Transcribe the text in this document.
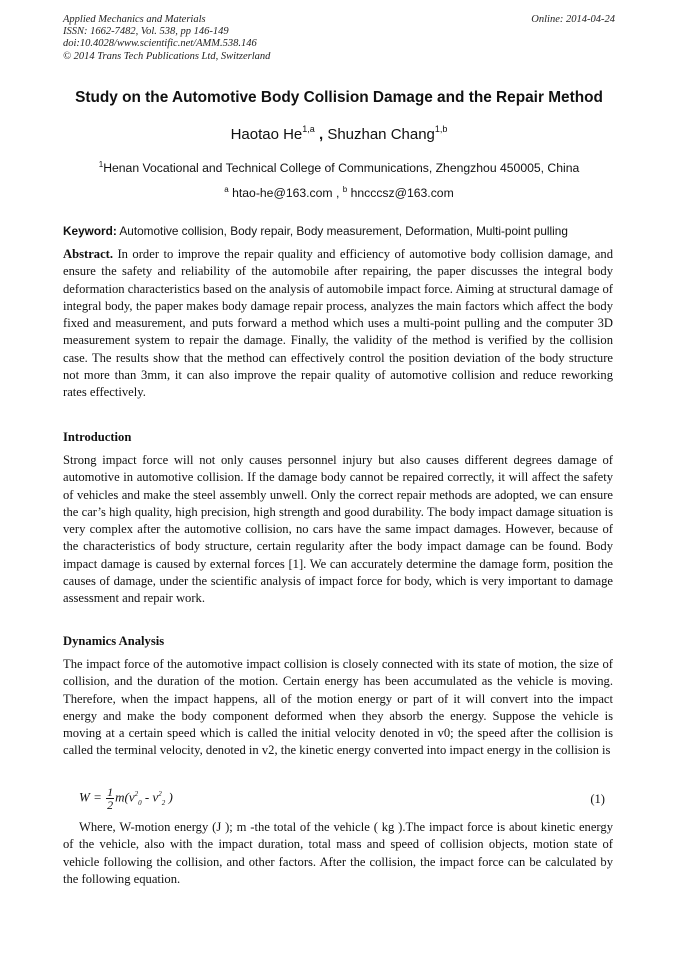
Applied Mechanics and Materials
ISSN: 1662-7482, Vol. 538, pp 146-149
doi:10.4028/www.scientific.net/AMM.538.146
© 2014 Trans Tech Publications Ltd, Switzerland
Online: 2014-04-24
Study on the Automotive Body Collision Damage and the Repair Method
Haotao He$^{1,a}$ , Shuzhan Chang$^{1,b}$
$^1$Henan Vocational and Technical College of Communications, Zhengzhou 450005, China
$^a$ htao-he@163.com , $^b$ hncccsz@163.com
Keyword: Automotive collision, Body repair, Body measurement, Deformation, Multi-point pulling
Abstract. In order to improve the repair quality and efficiency of automotive body collision damage, and ensure the safety and reliability of the automobile after repairing, the paper discusses the integral body deformation characteristics based on the analysis of automobile impact force. Aiming at structural damage of integral body, the paper makes body damage repair process, analyzes the main factors which affect the body fixed and measurement, and puts forward a method which uses a multi-point pulling and the computer 3D measurement system to repair the damage. Finally, the validity of the method is verified by the collision case. The results show that the method can effectively control the position deviation of the body structure not more than 3mm, it can also improve the repair quality of automotive collision and reduce reworking rates effectively.
Introduction
Strong impact force will not only causes personnel injury but also causes different degrees damage of automotive in automotive collision. If the damage body cannot be repaired correctly, it will affect the safety of vehicles and make the steel assembly unwell. Only the correct repair methods are adopted, we can ensure the car’s high quality, high precision, high strength and good durability. The body impact damage situation is very complex after the automotive collision, no cars have the same impact damages. However, because of the characteristics of body structure, certain regularity after the body impact damage can be found. Body impact damage is caused by external forces [1]. We can accurately determine the damage form, position the causes of damage, under the scientific analysis of impact force for body, which is very important to damage assessment and repair work.
Dynamics Analysis
The impact force of the automotive impact collision is closely connected with its state of motion, the size of collision, and the duration of the motion. Certain energy has been accumulated as the vehicle is moving. Therefore, when the impact happens, all of the motion energy or part of it will convert into the impact energy and make the body component deformed when they absorb the energy. Suppose the vehicle is moving at a certain speed which is called the initial velocity denoted in v0; the speed after the collision is called the terminal velocity, denoted in v2, the kinetic energy converted into impact energy in the collision is
$W = \frac{1}{2} m(v^2_0 - v^2_2$ )	(1)
Where, W-motion energy (J ); m -the total of the vehicle ( kg ).The impact force is about kinetic energy of the vehicle, also with the impact duration, total mass and speed of collision objects, motion state of vehicle following the collision, and other factors. After the collision, the impact force can be calculated by the following equation.
